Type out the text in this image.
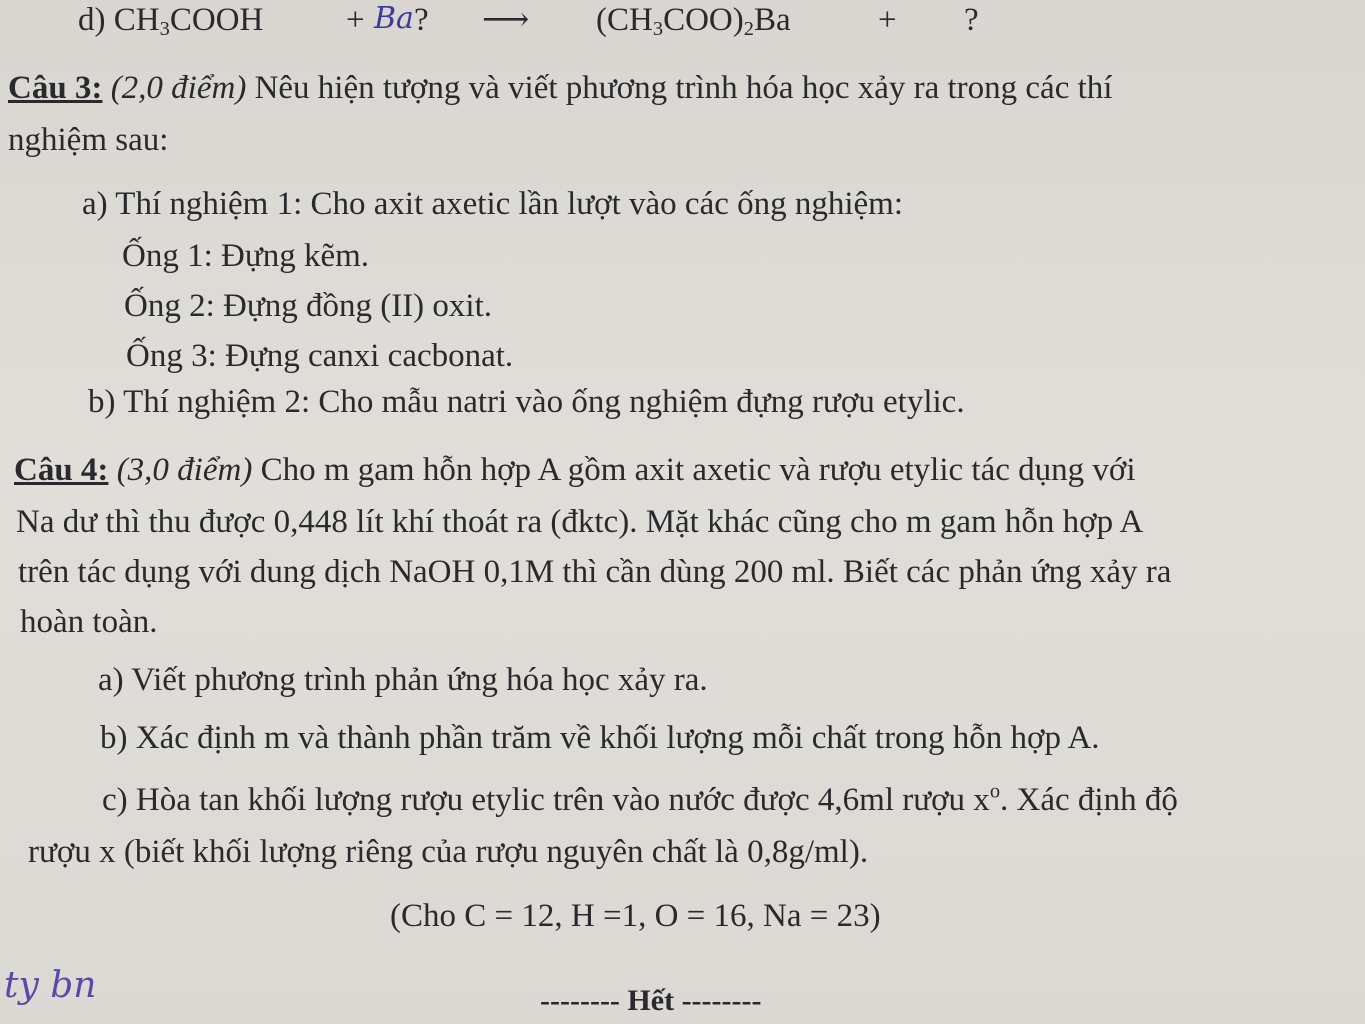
d) $CH_3COOH$	+ Ba ? ⟶ $(CH_3COO)_2Ba$	+ ?
Câu 3: (2,0 điểm) Nêu hiện tượng và viết phương trình hóa học xảy ra trong các thí
nghiệm sau:
a) Thí nghiệm 1: Cho axit axetic lần lượt vào các ống nghiệm:
Ống 1: Đựng kẽm.
Ống 2: Đựng đồng (II) oxit.
Ống 3: Đựng canxi cacbonat.
b) Thí nghiệm 2: Cho mẫu natri vào ống nghiệm đựng rượu etylic.
Câu 4: (3,0 điểm) Cho m gam hỗn hợp A gồm axit axetic và rượu etylic tác dụng với
Na dư thì thu được 0,448 lít khí thoát ra (đktc). Mặt khác cũng cho m gam hỗn hợp A
trên tác dụng với dung dịch NaOH 0,1M thì cần dùng 200 ml. Biết các phản ứng xảy ra
hoàn toàn.
a) Viết phương trình phản ứng hóa học xảy ra.
b) Xác định m và thành phần trăm về khối lượng mỗi chất trong hỗn hợp A.
c) Hòa tan khối lượng rượu etylic trên vào nước được 4,6ml rượu $x^o$. Xác định độ
rượu x (biết khối lượng riêng của rượu nguyên chất là 0,8g/ml).
(Cho C = 12, H =1, O = 16, Na = 23)
ty bn	-------- Hết --------
